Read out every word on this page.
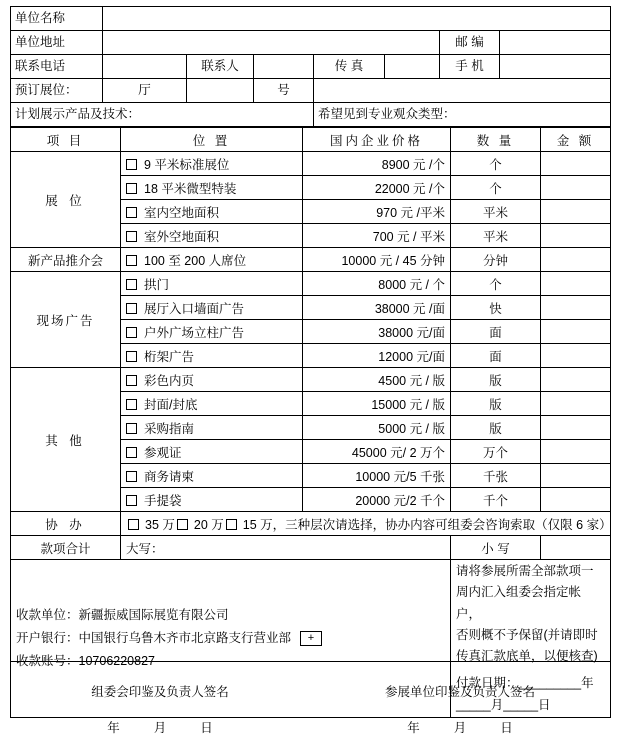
单位名称							
单位地址						邮 编	
联系电话		联系人		传 真		手 机	
预订展位：	厅		号				
计划展示产品及技术：				希望见到专业观众类型：			
项 目	位 置	国内企业价格	数 量	金 额
展 位	9 平米标准展位	8900 元 /个	个	
	18 平米微型特装	22000 元 /个	个	
	室内空地面积	970 元 /平米	平米	
	室外空地面积	700 元 / 平米	平米	
新产品推介会	100 至 200 人席位	10000 元 / 45 分钟	分钟	
现场广告	拱门	8000 元 / 个	个	
	展厅入口墙面广告	38000 元 /面	快	
	户外广场立柱广告	38000 元/面	面	
	桁架广告	12000 元/面	面	
其 他	彩色内页	4500 元 / 版	版	
	封面/封底	15000 元 / 版	版	
	采购指南	5000 元 / 版	版	
	参观证	45000 元/ 2 万个	万个	
	商务请柬	10000 元/5 千张	千张	
	手提袋	20000 元/2 千个	千个	
协 办	35 万 20 万 15 万，三种层次请选择，协办内容可组委会咨询索取（仅限 6 家）			
款项合计	大写：		小 写	

收款单位：新疆振威国际展览有限公司
开户银行：中国银行乌鲁木齐市北京路支行营业部
收款账号：10706220827

请将参展所需全部款项一周内汇入组委会指定帐户，
否则概不予保留(并请即时传真汇款底单，以便核查)
付款日期：_________年_____月_____日
+
组委会印鉴及负责人签名
年	月	日
参展单位印鉴及负责人签名
年	月	日
